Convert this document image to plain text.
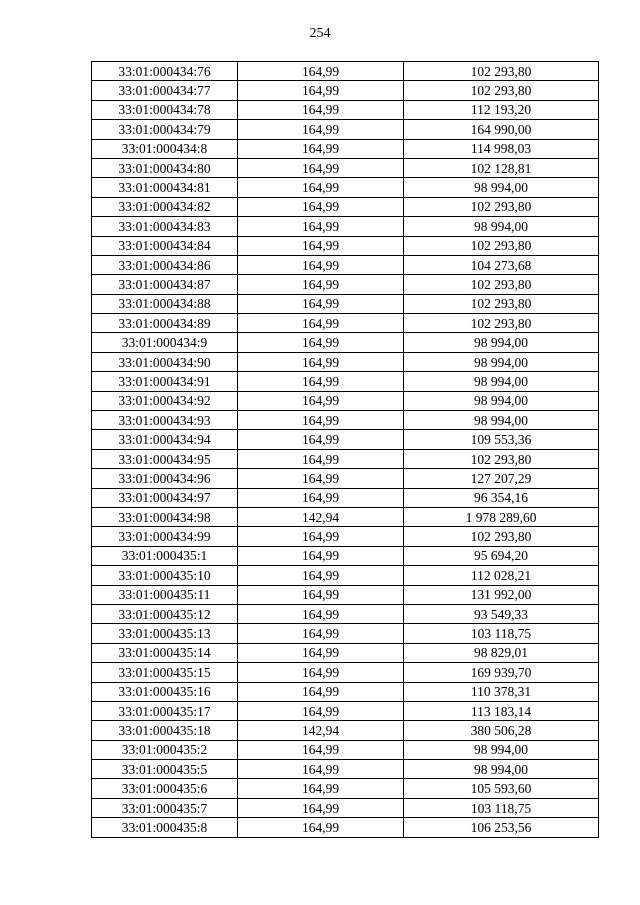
254
33:01:000434:76	164,99	102 293,80
33:01:000434:77	164,99	102 293,80
33:01:000434:78	164,99	112 193,20
33:01:000434:79	164,99	164 990,00
33:01:000434:8	164,99	114 998,03
33:01:000434:80	164,99	102 128,81
33:01:000434:81	164,99	98 994,00
33:01:000434:82	164,99	102 293,80
33:01:000434:83	164,99	98 994,00
33:01:000434:84	164,99	102 293,80
33:01:000434:86	164,99	104 273,68
33:01:000434:87	164,99	102 293,80
33:01:000434:88	164,99	102 293,80
33:01:000434:89	164,99	102 293,80
33:01:000434:9	164,99	98 994,00
33:01:000434:90	164,99	98 994,00
33:01:000434:91	164,99	98 994,00
33:01:000434:92	164,99	98 994,00
33:01:000434:93	164,99	98 994,00
33:01:000434:94	164,99	109 553,36
33:01:000434:95	164,99	102 293,80
33:01:000434:96	164,99	127 207,29
33:01:000434:97	164,99	96 354,16
33:01:000434:98	142,94	1 978 289,60
33:01:000434:99	164,99	102 293,80
33:01:000435:1	164,99	95 694,20
33:01:000435:10	164,99	112 028,21
33:01:000435:11	164,99	131 992,00
33:01:000435:12	164,99	93 549,33
33:01:000435:13	164,99	103 118,75
33:01:000435:14	164,99	98 829,01
33:01:000435:15	164,99	169 939,70
33:01:000435:16	164,99	110 378,31
33:01:000435:17	164,99	113 183,14
33:01:000435:18	142,94	380 506,28
33:01:000435:2	164,99	98 994,00
33:01:000435:5	164,99	98 994,00
33:01:000435:6	164,99	105 593,60
33:01:000435:7	164,99	103 118,75
33:01:000435:8	164,99	106 253,56
